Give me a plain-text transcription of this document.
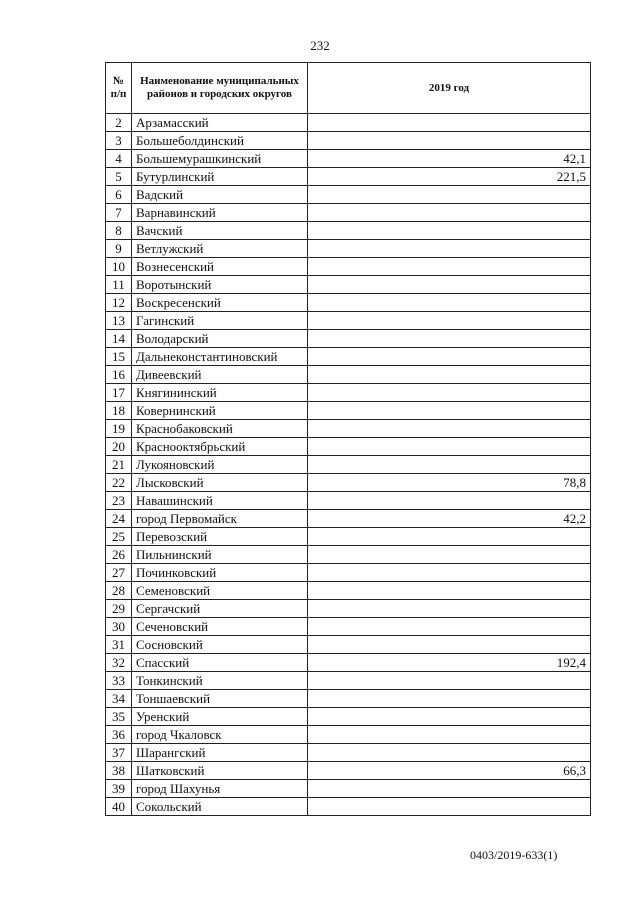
232
№ п/п	Наименование муниципальных районов и городских округов	2019 год
2	Арзамасский	
3	Большеболдинский	
4	Большемурашкинский	42,1
5	Бутурлинский	221,5
6	Вадский	
7	Варнавинский	
8	Вачский	
9	Ветлужский	
10	Вознесенский	
11	Воротынский	
12	Воскресенский	
13	Гагинский	
14	Володарский	
15	Дальнеконстантиновский	
16	Дивеевский	
17	Княгининский	
18	Ковернинский	
19	Краснобаковский	
20	Краснооктябрьский	
21	Лукояновский	
22	Лысковский	78,8
23	Навашинский	
24	город Первомайск	42,2
25	Перевозский	
26	Пильнинский	
27	Починковский	
28	Семеновский	
29	Сергачский	
30	Сеченовский	
31	Сосновский	
32	Спасский	192,4
33	Тонкинский	
34	Тоншаевский	
35	Уренский	
36	город Чкаловск	
37	Шарангский	
38	Шатковский	66,3
39	город Шахунья	
40	Сокольский	
0403/2019-633(1)
